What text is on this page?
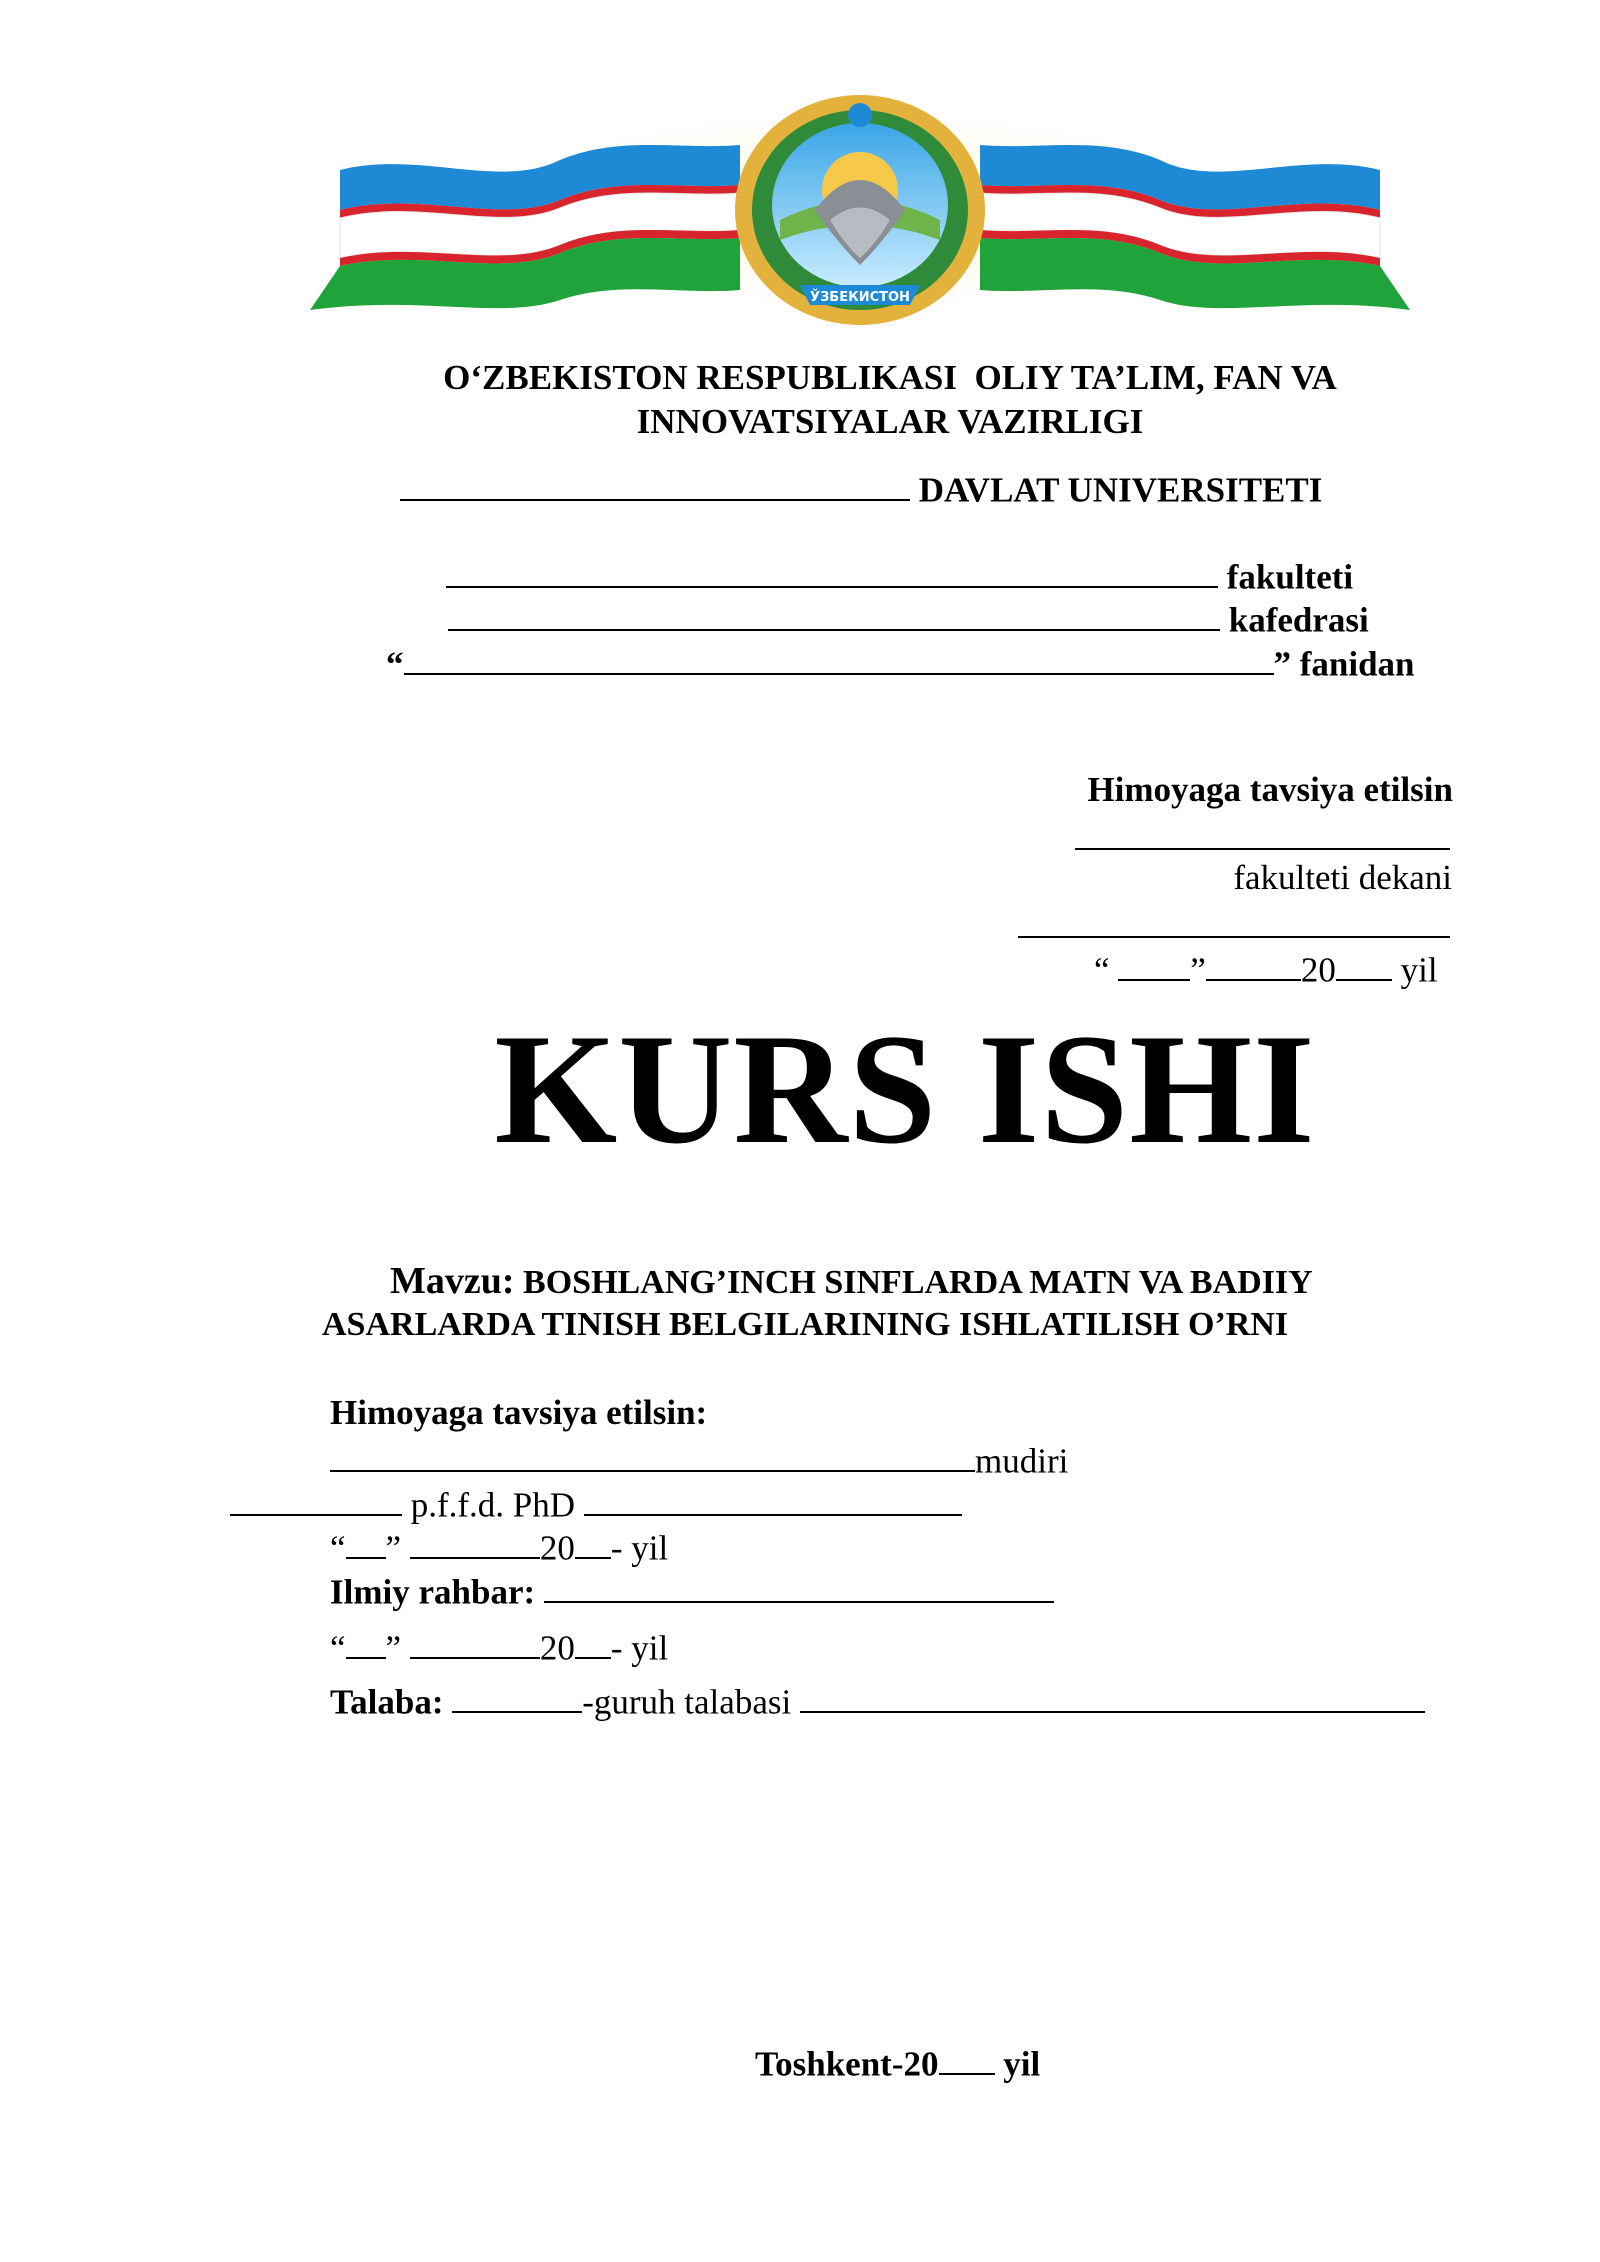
ЎЗБЕКИСТОН
O‘ZBEKISTON RESPUBLIKASI  OLIY TA’LIM, FAN VA
INNOVATSIYALAR VAZIRLIGI
DAVLAT UNIVERSITETI
fakulteti
kafedrasi
“	” fanidan
Himoyaga tavsiya etilsin
fakulteti dekani
“ ”	20 yil
KURS ISHI
Mavzu: BOSHLANG’INCH SINFLARDA MATN VA BADIIY
ASARLARDA TINISH BELGILARINING ISHLATILISH O’RNI
Himoyaga tavsiya etilsin:
mudiri
p.f.f.d. PhD
“ ”	20 - yil
Ilmiy rahbar:
“ ”	20 - yil
Talaba:	-guruh talabasi
Toshkent-20 yil
